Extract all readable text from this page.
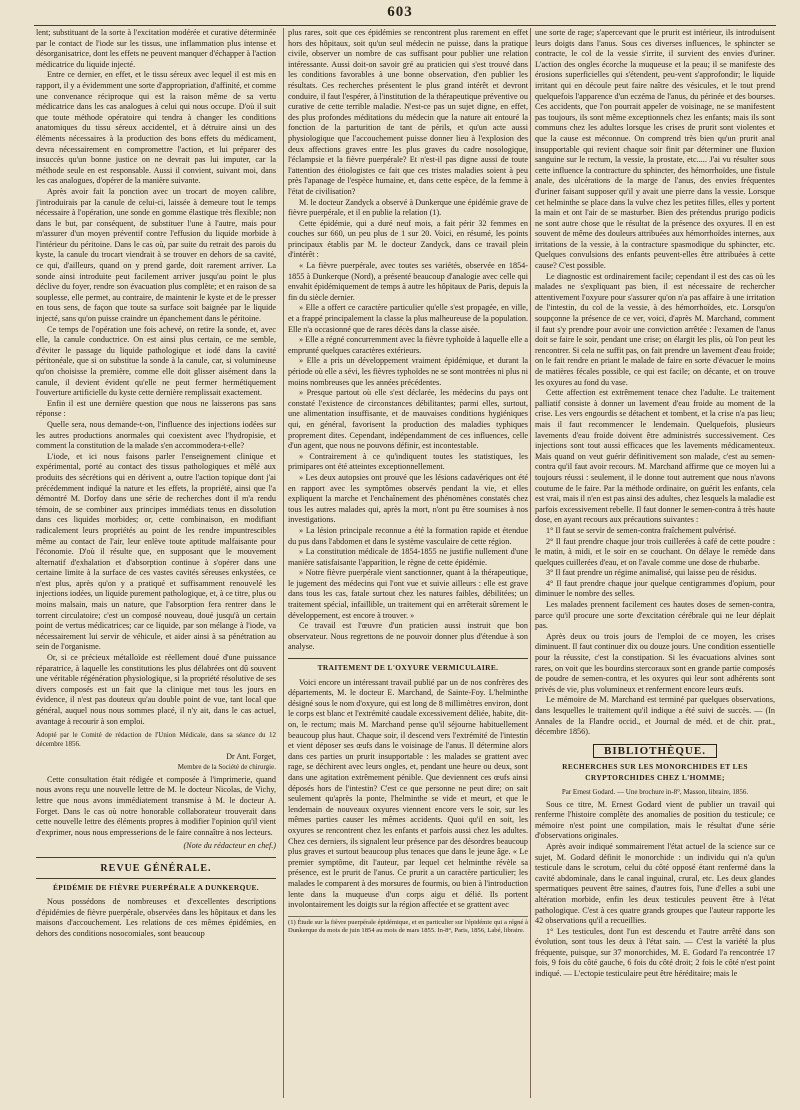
603

lent; substituant de la sorte à l'excitation modérée et curative déterminée par le contact de l'iode sur les tissus, une inflammation plus intense et désorganisatrice, dont les effets ne peuvent manquer d'échapper à l'action médicatrice du liquide injecté.

Entre ce dernier, en effet, et le tissu séreux avec lequel il est mis en rapport, il y a évidemment une sorte d'appropriation, d'affinité, et comme une convenance réciproque qui est la raison même de sa vertu médicatrice dans les cas analogues à celui qui nous occupe. D'où il suit que toute méthode opératoire qui tendra à changer les conditions anatomiques du tissu séreux accidentel, et à détruire ainsi un des éléments nécessaires à la production des bons effets du médicament, devra nécessairement en compromettre l'action, et lui préparer des insuccès qu'un bonne justice on ne devrait pas lui imputer, car la méthode seule en est responsable. Aussi il convient, suivant moi, dans les cas analogues, d'opérer de la manière suivante.

Après avoir fait la ponction avec un trocart de moyen calibre, j'introduirais par la canule de celui-ci, laissée à demeure tout le temps nécessaire à l'opération, une sonde en gomme élastique très flexible; non dans le but, par conséquent, de substituer l'une à l'autre, mais pour m'assurer d'un moyen préventif contre l'effusion du liquide morbide à l'intérieur du péritoine. Dans le cas où, par suite du retrait des parois du kyste, la canule du trocart viendrait à se trouver en dehors de sa cavité, ce qui, d'ailleurs, quand on y prend garde, doit rarement arriver. La sonde ainsi introduite peut facilement arriver jusqu'au point le plus déclive du foyer, rendre son évacuation plus complète; et en raison de sa souplesse, elle permet, au contraire, de maintenir le kyste et de le presser en tous sens, de façon que toute sa surface soit baignée par le liquide injecté, sans qu'on puisse craindre un épanchement dans le péritoine.

Ce temps de l'opération une fois achevé, on retire la sonde, et, avec elle, la canule conductrice. On est ainsi plus certain, ce me semble, d'éviter le passage du liquide pathologique et iodé dans la cavité péritonéale, que si on substitue la sonde à la canule, car, si volumineuse qu'on choisisse la première, comme elle doit glisser aisément dans la canule, il devient évident qu'elle ne peut fermer hermétiquement l'ouverture artificielle du kyste cette dernière remplissait exactement.

Enfin il est une dernière question que nous ne laisserons pas sans réponse :

Quelle sera, nous demande-t-on, l'influence des injections iodées sur les autres productions anormales qui coexistent avec l'hydropisie, et comment la constitution de la malade s'en accommodera-t-elle?

L'iode, et ici nous faisons parler l'enseignement clinique et expérimental, porté au contact des tissus pathologiques et mêlé aux produits des sécrétions qui en dérivent a, outre l'action topique dont j'ai précédemment indiqué la nature et les effets, la propriété, ainsi que l'a démontré M. Dorfoy dans une série de recherches dont il m'a rendu témoin, de se combiner aux principes immédiats tenus en dissolution dans ces liquides morbides; or, cette combinaison, en modifiant radicalement leurs propriétés au point de les rendre impuntrescibles même au contact de l'air, leur enlève toute aptitude malfaisante pour l'économie. D'où il résulte que, en supposant que le mouvement alternatif d'exhalation et d'absorption continue à s'opérer dans une certaine limite à la surface de ces vastes cavités séreuses enkystées, ce n'est plus, après qu'on y a pratiqué et suffisamment renouvelé les injections iodées, un liquide purement pathologique, et, à ce titre, plus ou moins malsain, mais un nature, que l'absorption fera rentrer dans le torrent circulatoire; c'est un composé nouveau, doué jusqu'à un certain point de vertus médicatrices; car ce liquide, par son mélange à l'iode, va nécessairement lui servir de véhicule, et aider ainsi à sa pénétration au sein de l'organisme.

Or, si ce précieux métalloïde est réellement doué d'une puissance réparatrice, à laquelle les constitutions les plus délabrées ont dû souvent une véritable régénération physiologique, si la propriété résolutive de ses divers composés est un fait que la clinique met tous les jours en évidence, il n'est pas douteux qu'au double point de vue, tant local que général, auquel nous nous sommes placé, il n'y ait, dans le cas actuel, avantage à recourir à son emploi.

Adopté par le Comité de rédaction de l'Union Médicale, dans sa séance du 12 décembre 1856.
Dr Ant. Forget,
Membre de la Société de chirurgie.

Cette consultation était rédigée et composée à l'imprimerie, quand nous avons reçu une nouvelle lettre de M. le docteur Nicolas, de Vichy, lettre que nous avons immédiatement transmise à M. le docteur A. Forget. Dans le cas où notre honorable collaborateur trouverait dans cette nouvelle lettre des éléments propres à modifier l'opinion qu'il vient d'exprimer, nous nous empresserions de le faire connaître à nos lecteurs.

(Note du rédacteur en chef.)
REVUE GÉNÉRALE.
ÉPIDÉMIE DE FIÈVRE PUERPÉRALE A DUNKERQUE.

Nous possédons de nombreuses et d'excellentes descriptions d'épidémies de fièvre puerpérale, observées dans les hôpitaux et dans les maisons d'accouchement. Les relations de ces mêmes épidémies, en dehors des conditions nosocomiales, sont beaucoup

plus rares, soit que ces épidémies se rencontrent plus rarement en effet hors des hôpitaux, soit qu'un seul médecin ne puisse, dans la pratique civile, observer un nombre de cas suffisant pour publier une relation intéressante. Aussi doit-on savoir gré au praticien qui s'est trouvé dans les conditions favorables à une bonne observation, d'en publier les résultats. Ces recherches présentent le plus grand intérêt et devront conduire, il faut l'espérer, à l'institution de la thérapeutique préventive ou curative de cette terrible maladie. N'est-ce pas un sujet digne, en effet, des plus profondes méditations du médecin que la nature ait entouré la fonction de la parturition de tant de périls, et qu'un acte aussi physiologique que l'accouchement puisse donner lieu à l'explosion des deux affections graves entre les plus graves du cadre nosologique, l'éclampsie et la fièvre puerpérale? Et n'est-il pas digne aussi de toute l'attention des étiologistes ce fait que ces tristes maladies soient à peu près l'apanage de l'espèce humaine, et, dans cette espèce, de la femme à l'état de civilisation?

M. le docteur Zandyck a observé à Dunkerque une épidémie grave de fièvre puerpérale, et il en publie la relation (1).

Cette épidémie, qui a duré neuf mois, a fait périr 32 femmes en couches sur 660, un peu plus de 1 sur 20. Voici, en résumé, les points principaux établis par M. le docteur Zandyck, dans ce travail plein d'intérêt :

« La fièvre puerpérale, avec toutes ses variétés, observée en 1854-1855 à Dunkerque (Nord), a présenté beaucoup d'analogie avec celle qui envahit épidémiquement de temps à autre les hôpitaux de Paris, depuis la fin du siècle dernier.

» Elle a offert ce caractère particulier qu'elle s'est propagée, en ville, et a frappé principalement la classe la plus malheureuse de la population. Elle n'a occasionné que de rares décès dans la classe aisée.

» Elle a régné concurremment avec la fièvre typhoïde à laquelle elle a emprunté quelques caractères extérieurs.

» Elle a pris un développement vraiment épidémique, et durant la période où elle a sévi, les fièvres typhoïdes ne se sont montrées ni plus ni moins nombreuses que les années précédentes.

» Presque partout où elle s'est déclarée, les médecins du pays ont constaté l'existence de circonstances débilitantes; parmi elles, surtout, une alimentation insuffisante, et de mauvaises conditions hygiéniques qui, en général, favorisent la production des maladies typhiques proprement dites. Cependant, indépendamment de ces influences, celle d'un agent, que nous ne pouvons définir, est incontestable.

» Contrairement à ce qu'indiquent toutes les statistiques, les primipares ont été atteintes exceptionnellement.

» Les deux autopsies ont prouvé que les lésions cadavériques ont été en rapport avec les symptômes observés pendant la vie, et elles expliquent la marche et l'enchaînement des phénomènes constatés chez tous les autres malades qui, après la mort, n'ont pu être soumises à nos investigations.

» La lésion principale reconnue a été la formation rapide et étendue du pus dans l'abdomen et dans le système vasculaire de cette région.

» La constitution médicale de 1854-1855 ne justifie nullement d'une manière satisfaisante l'apparition, le règne de cette épidémie.

» Notre fièvre puerpérale vient sanctionner, quant à la thérapeutique, le jugement des médecins qui l'ont vue et suivie ailleurs : elle est grave dans tous les cas, fatale surtout chez les natures faibles, débilitées; un traitement spécial, infaillible, un traitement qui en arrêterait sûrement le développement, est encore à trouver. »

Ce travail est l'œuvre d'un praticien aussi instruit que bon observateur. Nous regrettons de ne pouvoir donner plus d'étendue à son analyse.

TRAITEMENT DE L'OXYURE VERMICULAIRE.

Voici encore un intéressant travail publié par un de nos confrères des départements, M. le docteur E. Marchand, de Sainte-Foy. L'helminthe désigné sous le nom d'oxyure, qui est long de 8 millimètres environ, dont le corps est blanc et l'extrémité caudale excessivement déliée, habite, dit-on, le rectum; mais M. Marchand pense qu'il séjourne habituellement beaucoup plus haut. Chaque soir, il descend vers l'extrémité de l'intestin et vient déposer ses œufs dans le voisinage de l'anus. Il détermine alors dans ces parties un prurit insupportable : les malades se grattent avec rage, se déchirent avec leurs ongles, et, pendant une heure ou deux, sont dans une agitation extrêmement pénible. Que deviennent ces œufs ainsi déposés hors de l'intestin? C'est ce que personne ne peut dire; on sait seulement qu'après la ponte, l'helminthe se vide et meurt, et que le lendemain de nouveaux oxyures viennent encore vers le soir, sur les mêmes parties causer les mêmes accidents. Quoi qu'il en soit, les oxyures se rencontrent chez les enfants et parfois aussi chez les adultes. Chez ces derniers, ils signalent leur présence par des désordres beaucoup plus graves et surtout beaucoup plus tenaces que dans le jeune âge. « Le premier symptôme, dit l'auteur, par lequel cet helminthe révèle sa présence, est le prurit de l'anus. Ce prurit a un caractère particulier; les malades le comparent à des morsures de fourmis, ou bien à l'introduction lente dans la muqueuse d'un corps aigu et délié. Ils portent involontairement les doigts sur la région affectée et se grattent avec

(1) Étude sur la fièvre puerpérale épidémique, et en particulier sur l'épidémie qui a régné à Dunkerque du mois de juin 1854 au mois de mars 1855. In-8°, Paris, 1856, Labé, libraire.

une sorte de rage; s'apercevant que le prurit est intérieur, ils introduisent leurs doigts dans l'anus. Sous ces diverses influences, le sphincter se contracte, le col de la vessie s'irrite, il survient des envies d'uriner. L'action des ongles écorche la muqueuse et la peau; il se manifeste des érosions superficielles qui s'étendent, peu-vent s'approfondir; le liquide irritant qui en découle peut faire naître des vésicules, et le tout prend quelquefois l'apparence d'un eczéma de l'anus, du périnée et des bourses. Ces accidents, que l'on pourrait appeler de voisinage, ne se manifestent pas toujours, ils sont même exceptionnels chez les enfants; mais ils sont communs chez les adultes lorsque les crises de prurit sont violentes et que la cause est méconnue. On comprend très bien qu'un prurit anal insupportable qui revient chaque soir finit par déterminer une fluxion sanguine sur le rectum, la vessie, la prostate, etc..... J'ai vu résulter sous cette influence la contracture du sphincter, des hémorrhoïdes, une fistule anale, des ulcérations de la marge de l'anus, des envies fréquentes d'uriner faisant supposer qu'il y avait une pierre dans la vessie. Lorsque cet helminthe se place dans la vulve chez les petites filles, elles y portent la main et ont l'air de se masturber. Bien des prétendus prurigo podicis ne sont autre chose que le résultat de la présence des oxyures. Il en est souvent de même des douleurs attribuées aux hémorrhoïdes internes, aux irritations de la vessie, à la contracture spasmodique du sphincter, etc. Quelques convulsions des enfants peuvent-elles être attribuées à cette cause? C'est possible.

Le diagnostic est ordinairement facile; cependant il est des cas où les malades ne s'expliquant pas bien, il est nécessaire de rechercher attentivement l'oxyure pour s'assurer qu'on n'a pas affaire à une irritation de l'intestin, du col de la vessie, à des hémorrhoïdes, etc. Lorsqu'on soupçonne la présence de ce ver, voici, d'après M. Marchand, comment il faut s'y prendre pour avoir une conviction arrêtée : l'examen de l'anus doit se faire le soir, pendant une crise; on élargit les plis, où l'on peut les rencontrer. Si cela ne suffit pas, on fait prendre un lavement d'eau froide; on le fait rendre en priant le malade de faire en sorte d'évacuer le moins de matières fécales possible, ce qui est facile; on décante, et on trouve les oxyures au fond du vase.

Cette affection est extrêmement tenace chez l'adulte. Le traitement palliatif consiste à donner un lavement d'eau froide au moment de la crise. Les vers engourdis se détachent et tombent, et la crise n'a pas lieu; mais il faut recommencer le lendemain. Quelquefois, plusieurs lavements d'eau froide doivent être administrés successivement. Ces injections sont tout aussi efficaces que les lavements médicamenteux. Mais quand on veut guérir définitivement son malade, c'est au semen-contra qu'il faut avoir recours. M. Marchand affirme que ce moyen lui a toujours réussi : seulement, il le donne tout autrement que nous n'avons coutume de le faire. Par la méthode ordinaire, on guérit les enfants, cela est vrai, mais il n'en est pas ainsi des adultes, chez lesquels la maladie est parfois excessivement rebelle. Il faut donner le semen-contra à très haute dose, en ayant recours aux précautions suivantes :

1° Il faut se servir de semen-contra fraîchement pulvérisé.

2° Il faut prendre chaque jour trois cuillerées à café de cette poudre : le matin, à midi, et le soir en se couchant. On délaye le remède dans quelques cuillerées d'eau, et on l'avale comme une dose de rhubarbe.

3° Il faut prendre un régime animalisé, qui laisse peu de résidus.

4° Il faut prendre chaque jour quelque centigrammes d'opium, pour diminuer le nombre des selles.

Les malades prennent facilement ces hautes doses de semen-contra, parce qu'il procure une sorte d'excitation cérébrale qui ne leur déplait pas.

Après deux ou trois jours de l'emploi de ce moyen, les crises diminuent. Il faut continuer dix ou douze jours. Une condition essentielle pour la réussite, c'est la constipation. Si les évacuations alvines sont rares, on voit que les bourdins stercoraux sont en grande partie composés de poudre de semen-contra, et les oxyures qui leur sont adhérents sont privés de vie, plus volumineux et renferment encore leurs œufs.

Le mémoire de M. Marchand est terminé par quelques observations, dans lesquelles le traitement qu'il indique a été suivi de succès. — (In Annales de la Flandre occid., et Journal de méd. et de chir. prat., décembre 1856).

BIBLIOTHÈQUE.
RECHERCHES SUR LES MONORCHIDES ET LES CRYPTORCHIDES CHEZ L'HOMME;
Par Ernest Godard. — Une brochure in-8°, Masson, libraire, 1856.

Sous ce titre, M. Ernest Godard vient de publier un travail qui renferme l'histoire complète des anomalies de position du testicule; ce mémoire n'est point une compilation, mais le résultat d'une série d'observations originales.

Après avoir indiqué sommairement l'état actuel de la science sur ce sujet, M. Godard définit le monorchide : un individu qui n'a qu'un testicule dans le scrotum, celui du côté opposé étant renfermé dans la cavité abdominale, dans le canal inguinal, crural, etc. Les deux glandes spermatiques peuvent être saines, d'autres fois, l'une d'elles a subi une altération morbide, enfin les deux testicules peuvent être à l'état pathologique. C'est à ces quatre grands groupes que l'auteur rapporte les 42 observations qu'il a recueillies.

1° Les testicules, dont l'un est descendu et l'autre arrêté dans son évolution, sont tous les deux à l'état sain. — C'est la variété la plus fréquente, puisque, sur 37 monorchides, M. E. Godard l'a rencontrée 17 fois, 9 fois du côté gauche, 6 fois du côté droit; 2 fois le côté n'est point indiqué. — L'ectopie testiculaire peut être héréditaire; mais le
